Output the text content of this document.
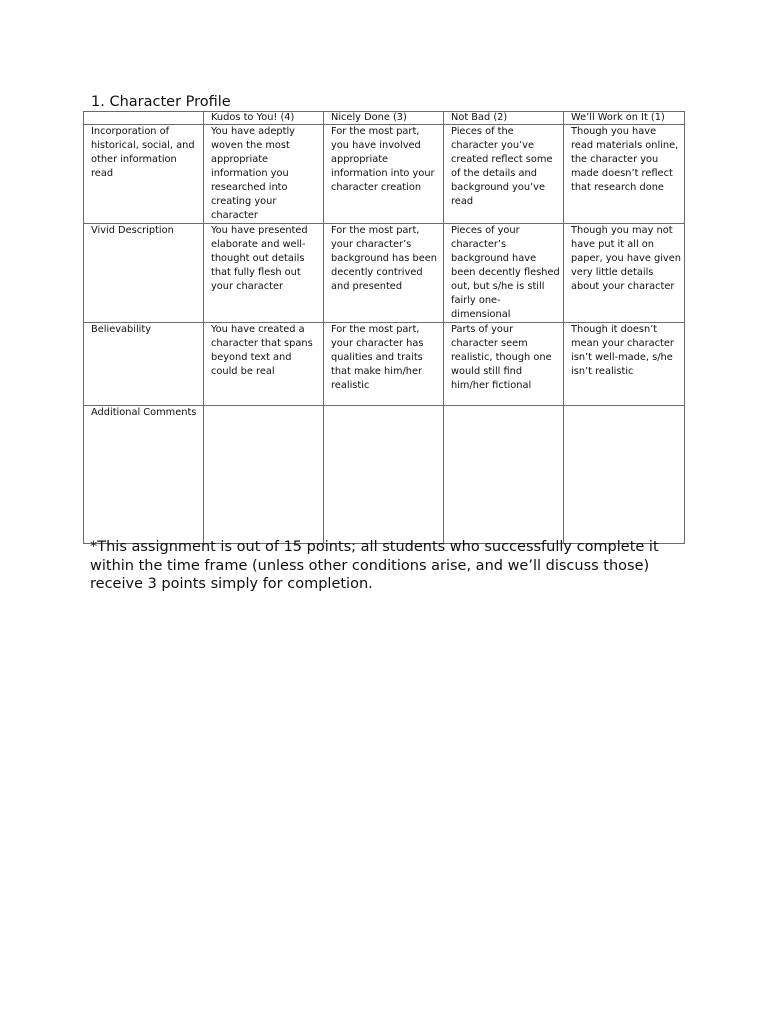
1. Character Profile
	Kudos to You! (4)	Nicely Done (3)	Not Bad (2)	We’ll Work on It (1)
Incorporation of historical, social, and other information read	You have adeptly woven the most appropriate information you researched into creating your character	For the most part, you have involved appropriate information into your character creation	Pieces of the character you’ve created reflect some of the details and background you’ve read	Though you have read materials online, the character you made doesn’t reflect that research done
Vivid Description	You have presented elaborate and well-thought out details that fully flesh out your character	For the most part, your character’s background has been decently contrived and presented	Pieces of your character’s background have been decently fleshed out, but s/he is still fairly one-dimensional	Though you may not have put it all on paper, you have given very little details about your character
Believability	You have created a character that spans beyond text and could be real	For the most part, your character has qualities and traits that make him/her realistic	Parts of your character seem realistic, though one would still find him/her fictional	Though it doesn’t mean your character isn’t well-made, s/he isn’t realistic
Additional Comments				
*This assignment is out of 15 points; all students who successfully complete it within the time frame (unless other conditions arise, and we’ll discuss those) receive 3 points simply for completion.
